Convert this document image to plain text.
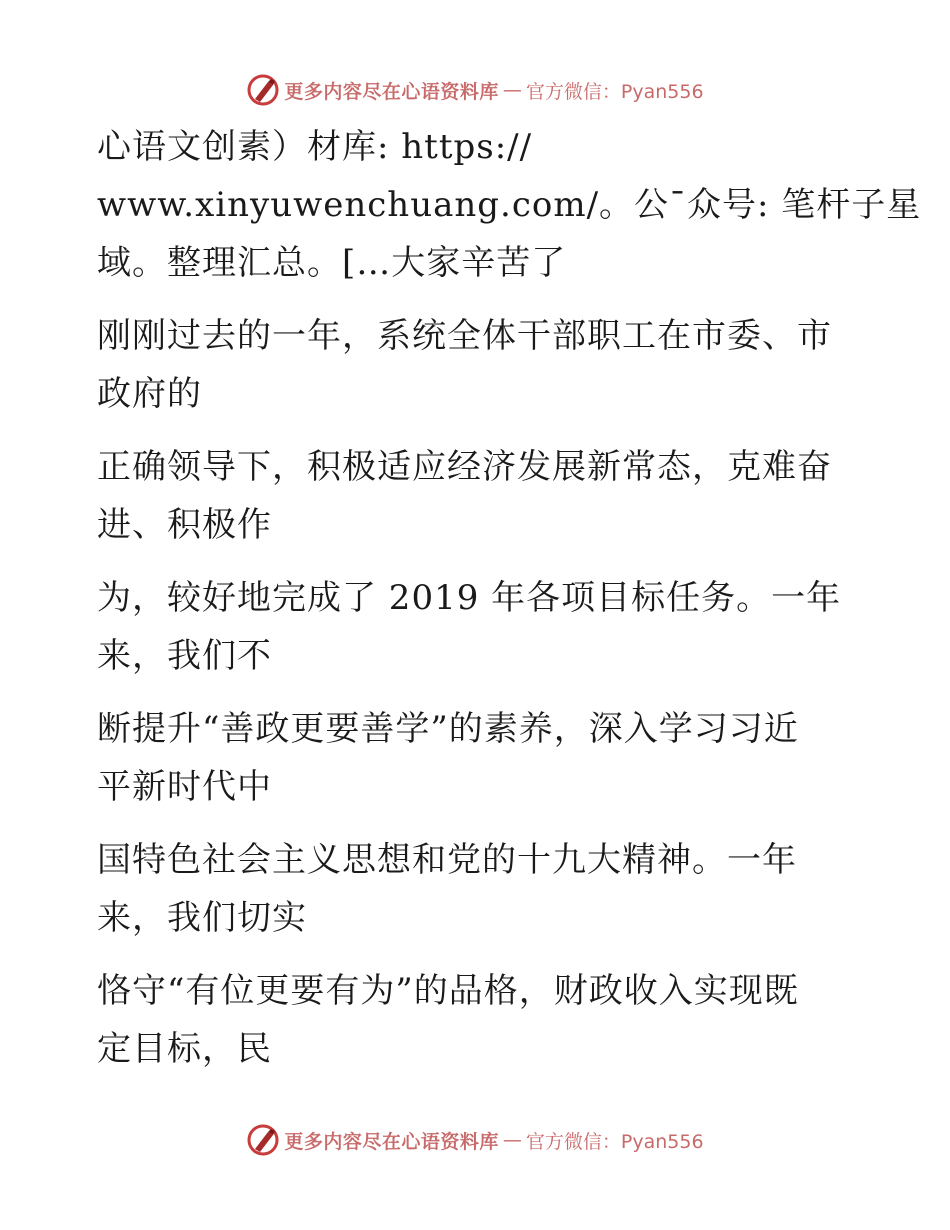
更多内容尽在心语资料库 — 官方微信：Pyan556

心语文创素）材库: https://
www.xinyuwenchuang.com/。公¯众号: 笔杆子星
域。整理汇总。[…大家辛苦了

刚刚过去的一年，系统全体干部职工在市委、市
政府的

正确领导下，积极适应经济发展新常态，克难奋
进、积极作

为，较好地完成了 2019 年各项目标任务。一年
来，我们不

断提升“善政更要善学”的素养，深入学习习近
平新时代中

国特色社会主义思想和党的十九大精神。一年
来，我们切实

恪守“有位更要有为”的品格，财政收入实现既
定目标，民

更多内容尽在心语资料库 — 官方微信：Pyan556
